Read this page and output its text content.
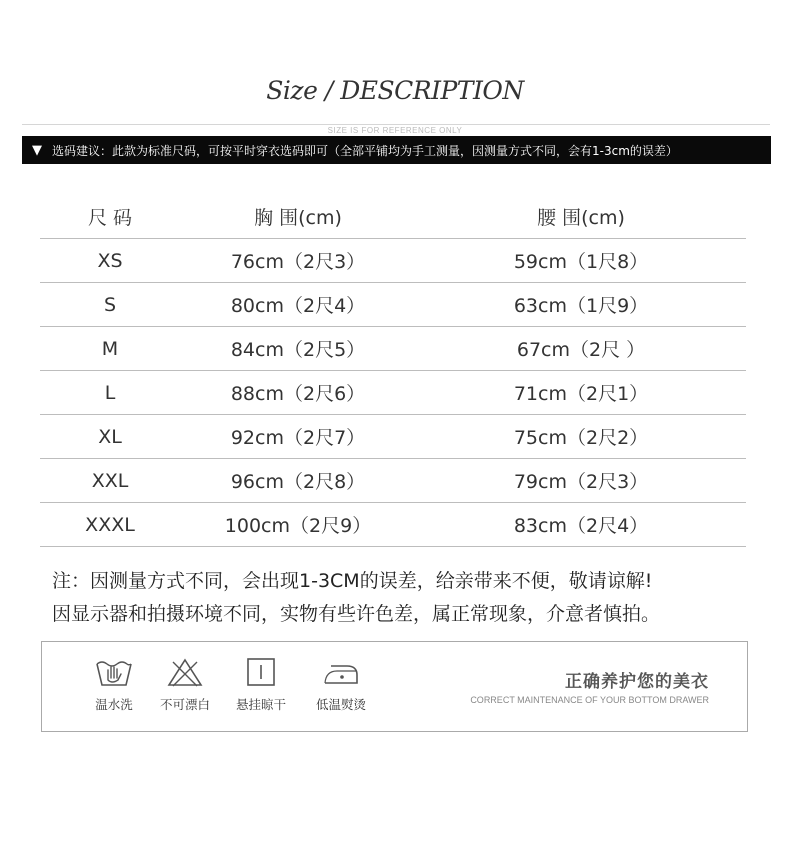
Size / DESCRIPTION
SIZE IS FOR REFERENCE ONLY
▼ 选码建议：此款为标准尺码，可按平时穿衣选码即可（全部平铺均为手工测量，因测量方式不同，会有1-3cm的误差）
尺 码	胸 围(cm)	腰 围(cm)
XS	76cm（2尺3）	59cm（1尺8）
S	80cm（2尺4）	63cm（1尺9）
M	84cm（2尺5）	67cm（2尺 ）
L	88cm（2尺6）	71cm（2尺1）
XL	92cm（2尺7）	75cm（2尺2）
XXL	96cm（2尺8）	79cm（2尺3）
XXXL	100cm（2尺9）	83cm（2尺4）
注：因测量方式不同，会出现1-3CM的误差，给亲带来不便，敬请谅解!
因显示器和拍摄环境不同，实物有些许色差，属正常现象，介意者慎拍。
温水洗 不可漂白 悬挂晾干 低温熨烫
正确养护您的美衣
CORRECT MAINTENANCE OF YOUR BOTTOM DRAWER
